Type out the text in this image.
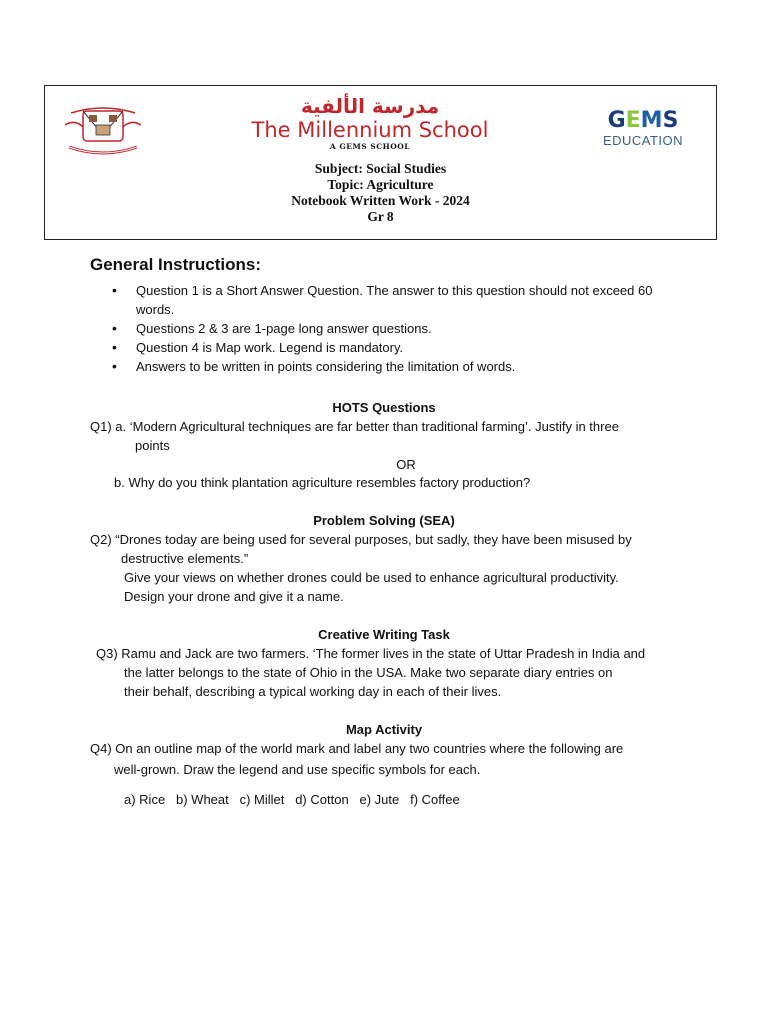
مدرسة الألفية
The Millennium School
A GEMS SCHOOL
GEMS
EDUCATION
Subject: Social Studies
Topic: Agriculture
Notebook Written Work - 2024
Gr 8
General Instructions:
• Question 1 is a Short Answer Question. The answer to this question should not exceed 60 words.
• Questions 2 & 3 are 1-page long answer questions.
• Question 4 is Map work. Legend is mandatory.
• Answers to be written in points considering the limitation of words.
HOTS Questions
Q1) a. ‘Modern Agricultural techniques are far better than traditional farming’. Justify in three
points
OR
b. Why do you think plantation agriculture resembles factory production?
Problem Solving (SEA)
Q2) “Drones today are being used for several purposes, but sadly, they have been misused by
destructive elements.”
Give your views on whether drones could be used to enhance agricultural productivity.
Design your drone and give it a name.
Creative Writing Task
Q3) Ramu and Jack are two farmers. ‘The former lives in the state of Uttar Pradesh in India and
the latter belongs to the state of Ohio in the USA. Make two separate diary entries on
their behalf, describing a typical working day in each of their lives.
Map Activity
Q4) On an outline map of the world mark and label any two countries where the following are
well-grown. Draw the legend and use specific symbols for each.
a) Rice   b) Wheat   c) Millet   d) Cotton   e) Jute   f) Coffee
